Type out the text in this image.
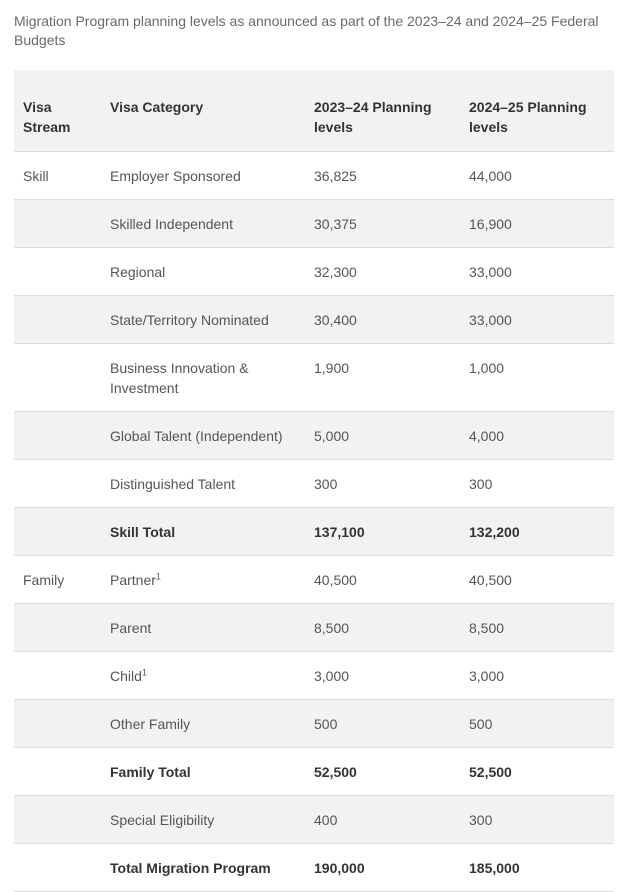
Migration Program planning levels as announced as part of the 2023–24 and 2024–25 Federal Budgets

Visa Stream	Visa Category	2023–24 Planning levels	2024–25 Planning levels
Skill	Employer Sponsored	36,825	44,000
	Skilled Independent	30,375	16,900
	Regional	32,300	33,000
	State/Territory Nominated	30,400	33,000
	Business Innovation & Investment	1,900	1,000
	Global Talent (Independent)	5,000	4,000
	Distinguished Talent	300	300
	Skill Total	137,100	132,200
Family	Partner$^1$	40,500	40,500
	Parent	8,500	8,500
	Child$^1$	3,000	3,000
	Other Family	500	500
	Family Total	52,500	52,500
	Special Eligibility	400	300
	Total Migration Program	190,000	185,000
